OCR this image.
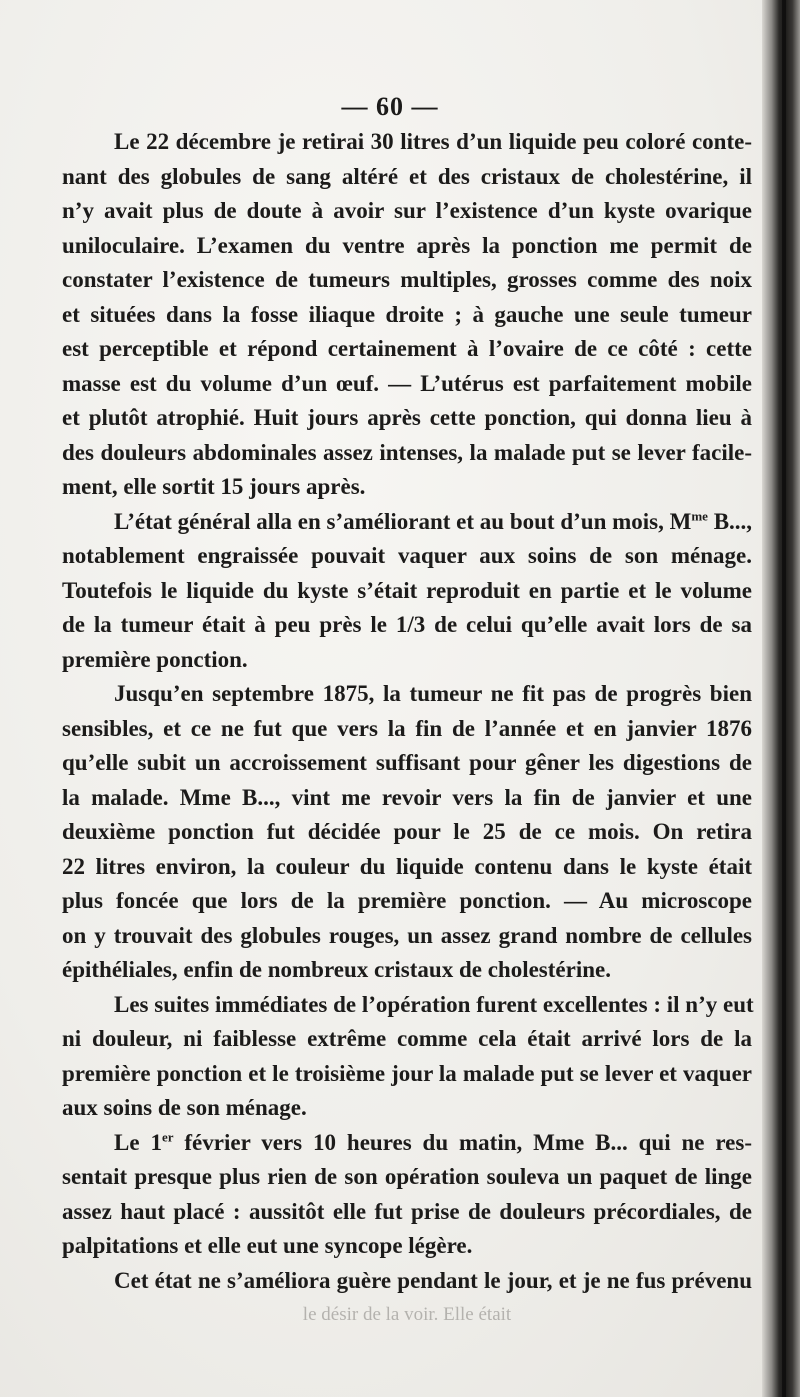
— 60 —
Le 22 décembre je retirai 30 litres d’un liquide peu coloré conte-
nant des globules de sang altéré et des cristaux de cholestérine, il
n’y avait plus de doute à avoir sur l’existence d’un kyste ovarique
uniloculaire. L’examen du ventre après la ponction me permit de
constater l’existence de tumeurs multiples, grosses comme des noix
et situées dans la fosse iliaque droite ; à gauche une seule tumeur
est perceptible et répond certainement à l’ovaire de ce côté : cette
masse est du volume d’un œuf. — L’utérus est parfaitement mobile
et plutôt atrophié. Huit jours après cette ponction, qui donna lieu à
des douleurs abdominales assez intenses, la malade put se lever facile-
ment, elle sortit 15 jours après.
L’état général alla en s’améliorant et au bout d’un mois, $M^{me}$ B...,
notablement engraissée pouvait vaquer aux soins de son ménage.
Toutefois le liquide du kyste s’était reproduit en partie et le volume
de la tumeur était à peu près le 1/3 de celui qu’elle avait lors de sa
première ponction.
Jusqu’en septembre 1875, la tumeur ne fit pas de progrès bien
sensibles, et ce ne fut que vers la fin de l’année et en janvier 1876
qu’elle subit un accroissement suffisant pour gêner les digestions de
la malade. Mme B..., vint me revoir vers la fin de janvier et une
deuxième ponction fut décidée pour le 25 de ce mois. On retira
22 litres environ, la couleur du liquide contenu dans le kyste était
plus foncée que lors de la première ponction. — Au microscope
on y trouvait des globules rouges, un assez grand nombre de cellules
épithéliales, enfin de nombreux cristaux de cholestérine.
Les suites immédiates de l’opération furent excellentes : il n’y eut
ni douleur, ni faiblesse extrême comme cela était arrivé lors de la
première ponction et le troisième jour la malade put se lever et vaquer
aux soins de son ménage.
Le 1er février vers 10 heures du matin, Mme B... qui ne res-
sentait presque plus rien de son opération souleva un paquet de linge
assez haut placé : aussitôt elle fut prise de douleurs précordiales, de
palpitations et elle eut une syncope légère.
Cet état ne s’améliora guère pendant le jour, et je ne fus prévenu
le désir de la voir. Elle était
